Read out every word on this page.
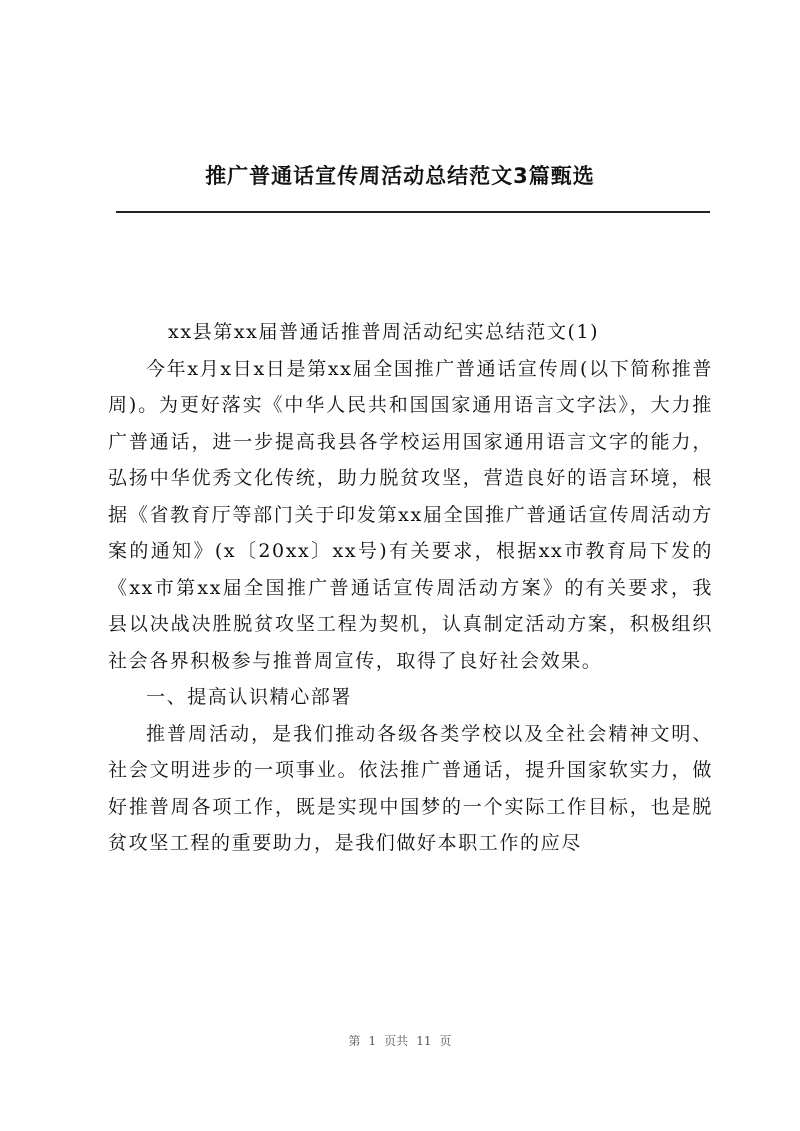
推广普通话宣传周活动总结范文3篇甄选

xx县第xx届普通话推普周活动纪实总结范文(1)

今年x月x日x日是第xx届全国推广普通话宣传周(以下简称推普周)。为更好落实《中华人民共和国国家通用语言文字法》，大力推广普通话，进一步提高我县各学校运用国家通用语言文字的能力，弘扬中华优秀文化传统，助力脱贫攻坚，营造良好的语言环境，根据《省教育厅等部门关于印发第xx届全国推广普通话宣传周活动方案的通知》(x〔20xx〕xx号)有关要求，根据xx市教育局下发的《xx市第xx届全国推广普通话宣传周活动方案》的有关要求，我县以决战决胜脱贫攻坚工程为契机，认真制定活动方案，积极组织社会各界积极参与推普周宣传，取得了良好社会效果。

一、提高认识精心部署

推普周活动，是我们推动各级各类学校以及全社会精神文明、社会文明进步的一项事业。依法推广普通话，提升国家软实力，做好推普周各项工作，既是实现中国梦的一个实际工作目标，也是脱贫攻坚工程的重要助力，是我们做好本职工作的应尽

第 1 页共 11 页
